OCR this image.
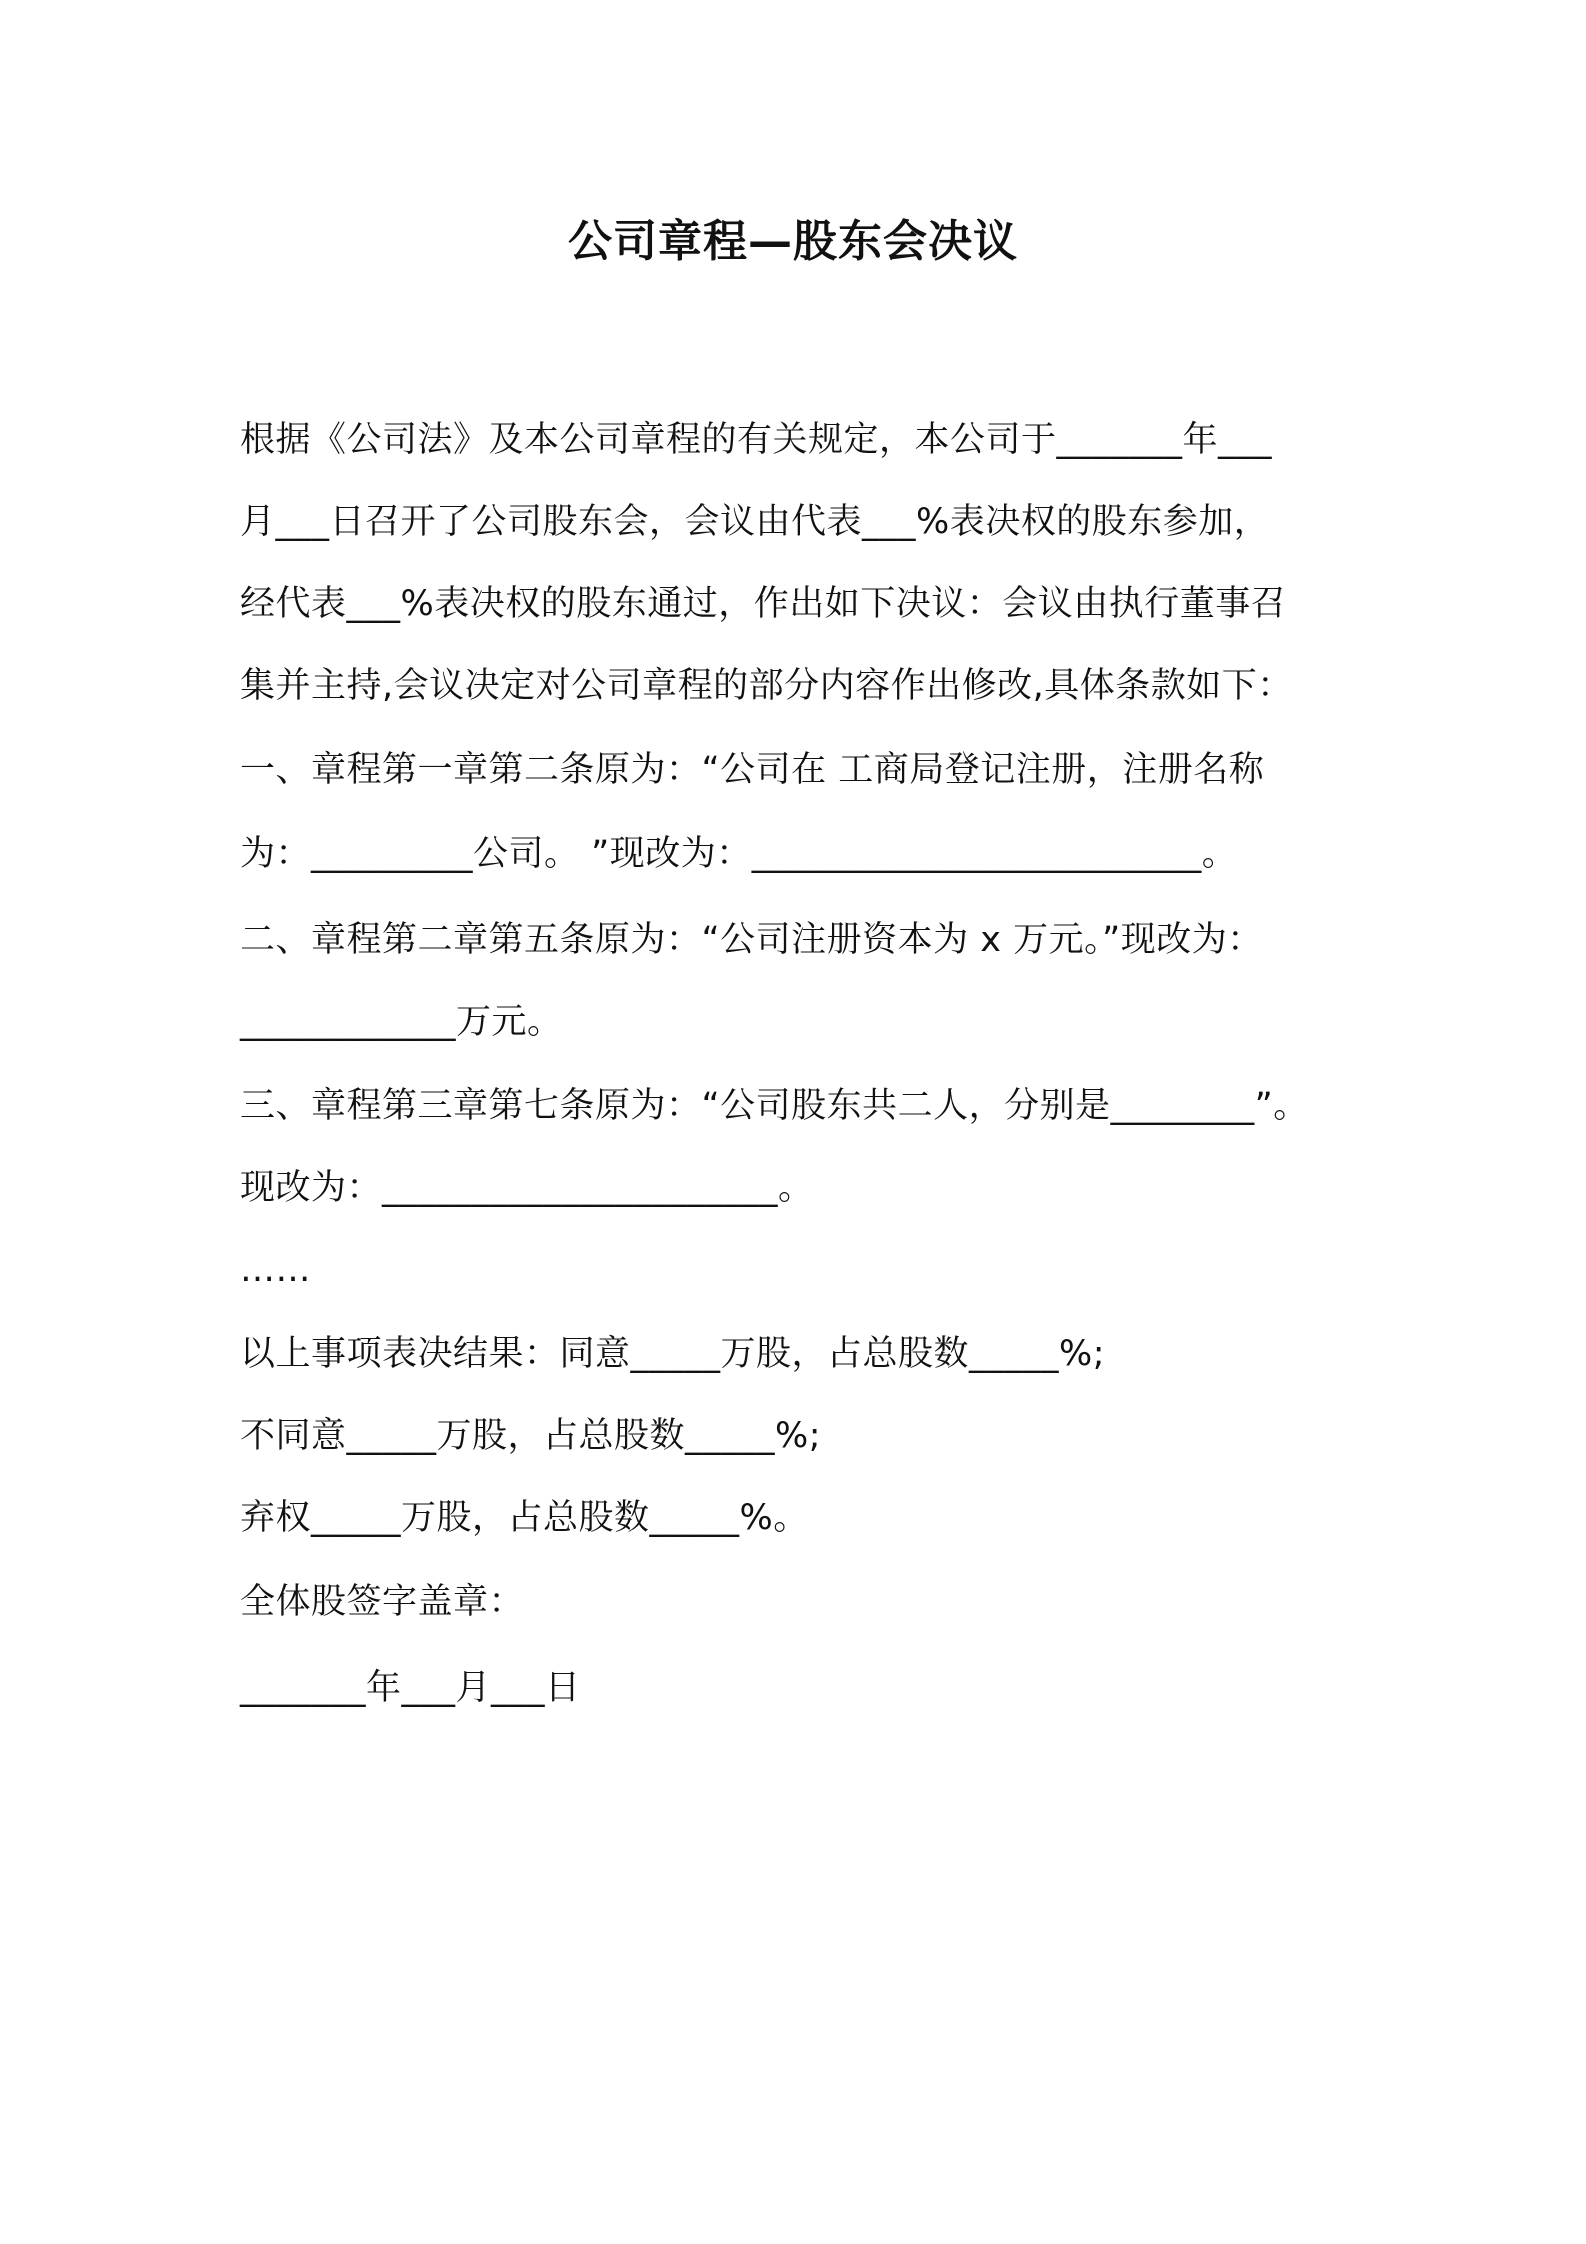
公司章程—股东会决议
根据《公司法》及本公司章程的有关规定，本公司于_______年___
月___日召开了公司股东会，会议由代表___%表决权的股东参加，
经代表___%表决权的股东通过，作出如下决议：会议由执行董事召
集并主持,会议决定对公司章程的部分内容作出修改,具体条款如下：
一、章程第一章第二条原为：“公司在 工商局登记注册，注册名称
为：_________公司。 ”现改为：_________________________。
二、章程第二章第五条原为：“公司注册资本为 x 万元。”现改为：
____________万元。
三、章程第三章第七条原为：“公司股东共二人，分别是________”。
现改为：______________________。
……
以上事项表决结果：同意_____万股，占总股数_____%;
不同意_____万股，占总股数_____%;
弃权_____万股，占总股数_____%。
全体股签字盖章：
_______年___月___日
